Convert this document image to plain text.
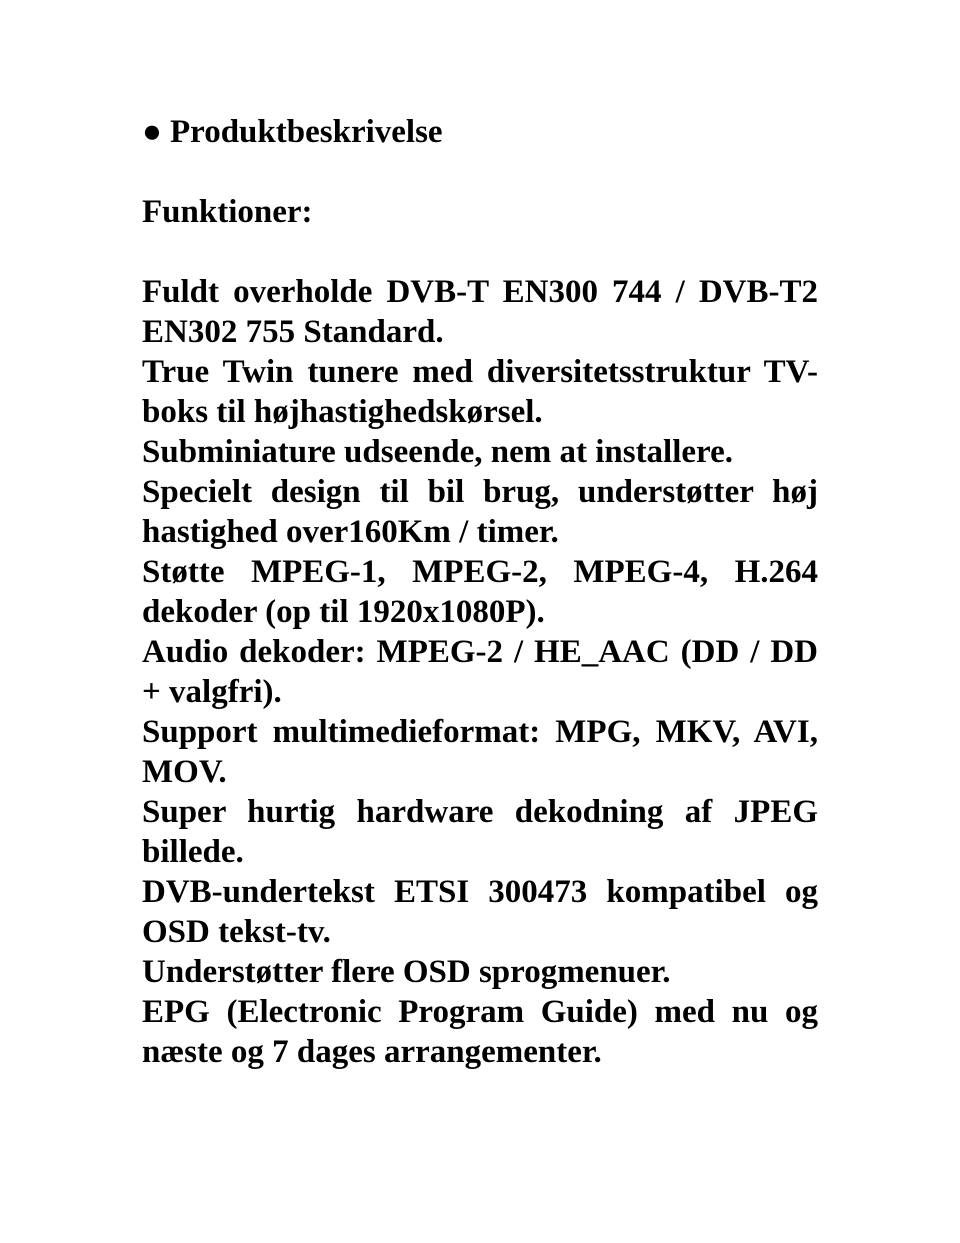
● Produktbeskrivelse

Funktioner:

Fuldt overholde DVB-T EN300 744 / DVB-T2 EN302 755 Standard.
True Twin tunere med diversitetsstruktur TV-boks til højhastighedskørsel.
Subminiature udseende, nem at installere.
Specielt design til bil brug, understøtter høj hastighed over160Km / timer.
Støtte MPEG-1, MPEG-2, MPEG-4, H.264 dekoder (op til 1920x1080P).
Audio dekoder: MPEG-2 / HE_AAC (DD / DD + valgfri).
Support multimedieformat: MPG, MKV, AVI, MOV.
Super hurtig hardware dekodning af JPEG billede.
DVB-undertekst ETSI 300473 kompatibel og OSD tekst-tv.
Understøtter flere OSD sprogmenuer.
EPG (Electronic Program Guide) med nu og næste og 7 dages arrangementer.
